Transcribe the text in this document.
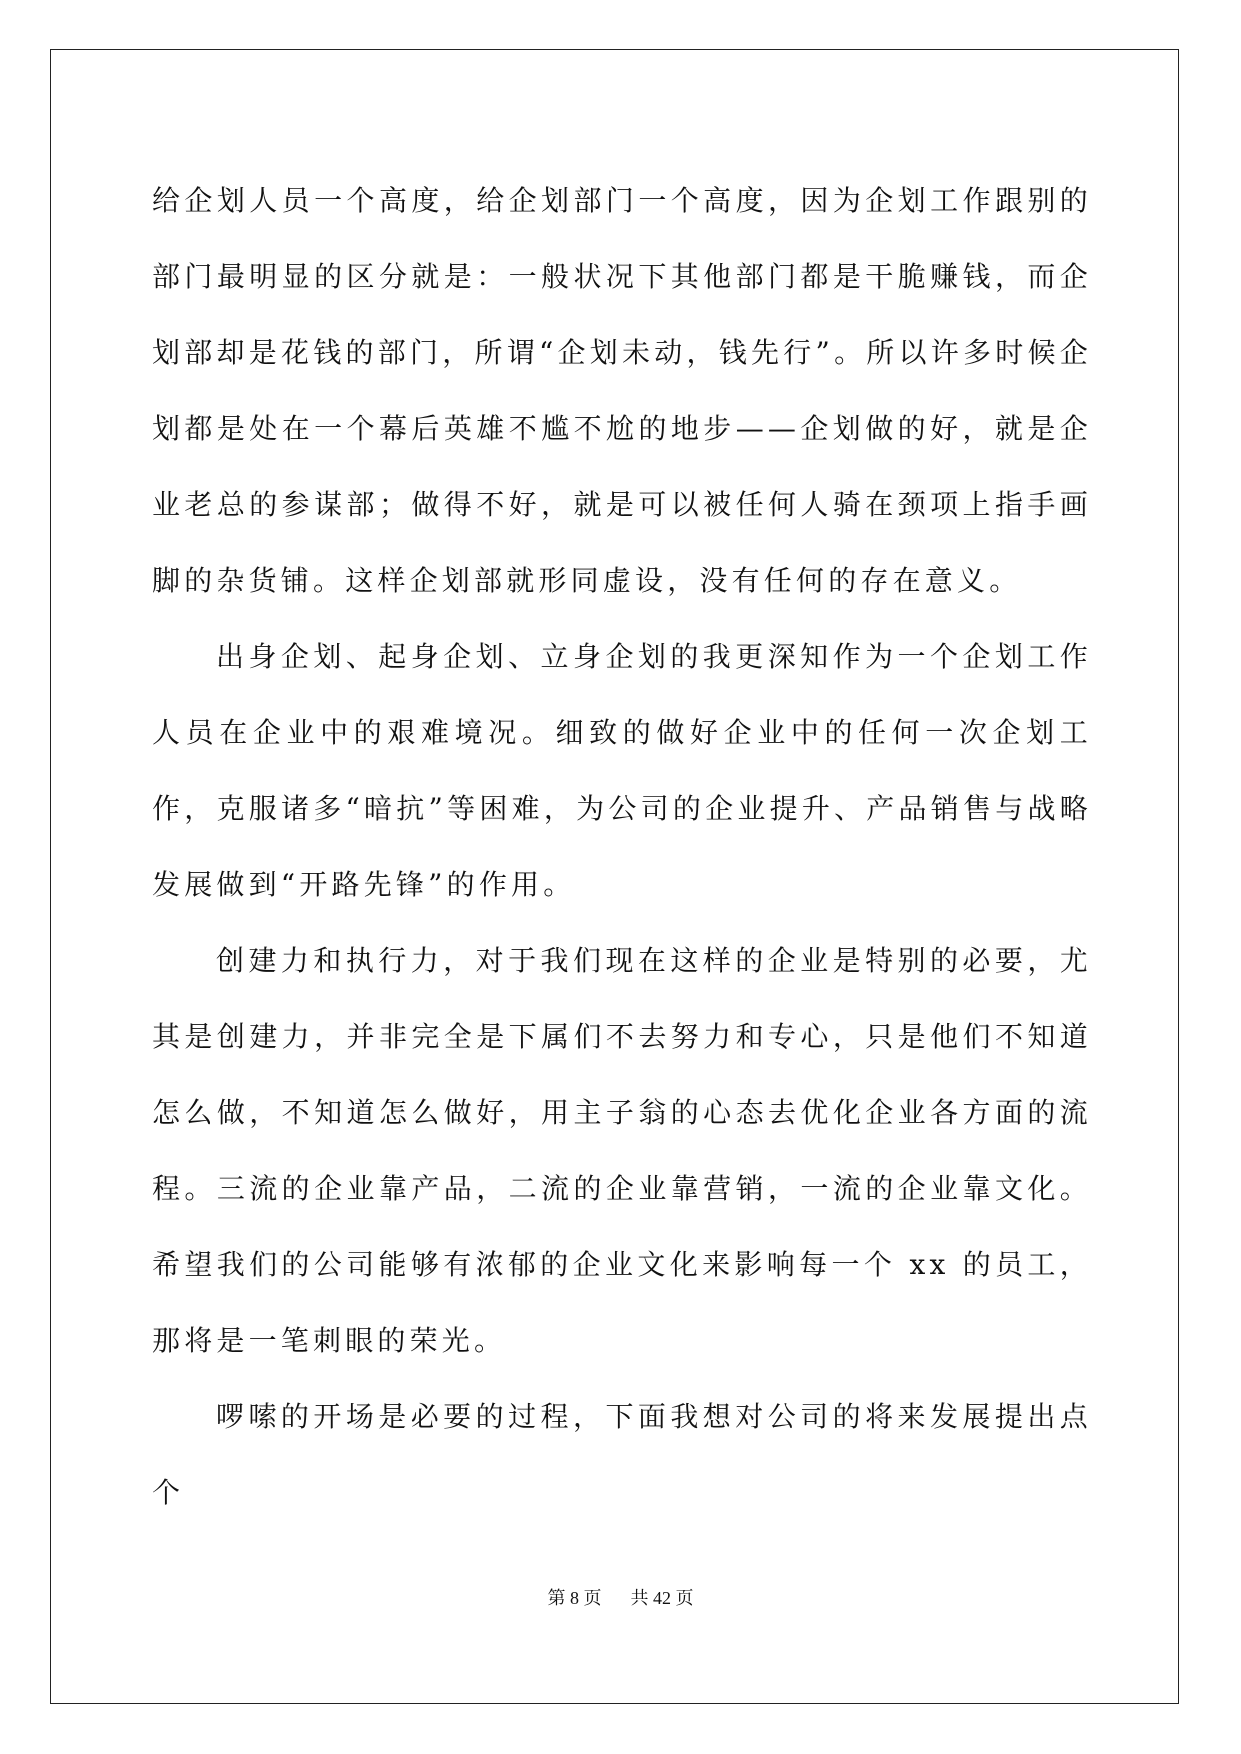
给企划人员一个高度，给企划部门一个高度，因为企划工作跟别的部门最明显的区分就是：一般状况下其他部门都是干脆赚钱，而企划部却是花钱的部门，所谓“企划未动，钱先行”。所以许多时候企划都是处在一个幕后英雄不尴不尬的地步——企划做的好，就是企业老总的参谋部；做得不好，就是可以被任何人骑在颈项上指手画脚的杂货铺。这样企划部就形同虚设，没有任何的存在意义。

出身企划、起身企划、立身企划的我更深知作为一个企划工作人员在企业中的艰难境况。细致的做好企业中的任何一次企划工作，克服诸多“暗抗”等困难，为公司的企业提升、产品销售与战略发展做到“开路先锋”的作用。

创建力和执行力，对于我们现在这样的企业是特别的必要，尤其是创建力，并非完全是下属们不去努力和专心，只是他们不知道怎么做，不知道怎么做好，用主子翁的心态去优化企业各方面的流程。三流的企业靠产品，二流的企业靠营销，一流的企业靠文化。希望我们的公司能够有浓郁的企业文化来影响每一个 xx 的员工，那将是一笔刺眼的荣光。

啰嗦的开场是必要的过程，下面我想对公司的将来发展提出点个

第 8 页 共 42 页
